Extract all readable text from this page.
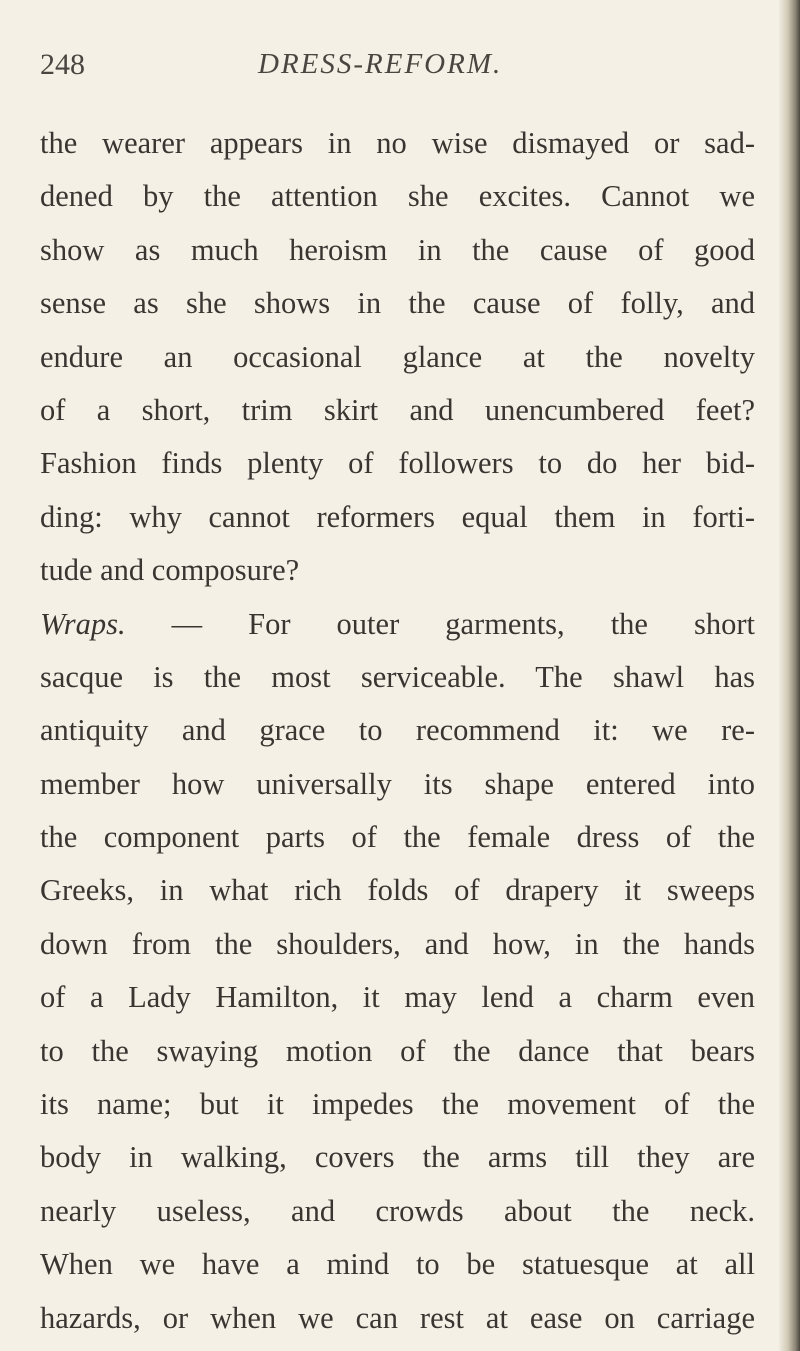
248	DRESS-REFORM.
the wearer appears in no wise dismayed or sad-
dened by the attention she excites. Cannot we
show as much heroism in the cause of good
sense as she shows in the cause of folly, and
endure an occasional glance at the novelty
of a short, trim skirt and unencumbered feet?
Fashion finds plenty of followers to do her bid-
ding: why cannot reformers equal them in forti-
tude and composure?
Wraps. — For outer garments, the short
sacque is the most serviceable. The shawl has
antiquity and grace to recommend it: we re-
member how universally its shape entered into
the component parts of the female dress of the
Greeks, in what rich folds of drapery it sweeps
down from the shoulders, and how, in the hands
of a Lady Hamilton, it may lend a charm even
to the swaying motion of the dance that bears
its name; but it impedes the movement of the
body in walking, covers the arms till they are
nearly useless, and crowds about the neck.
When we have a mind to be statuesque at all
hazards, or when we can rest at ease on carriage
